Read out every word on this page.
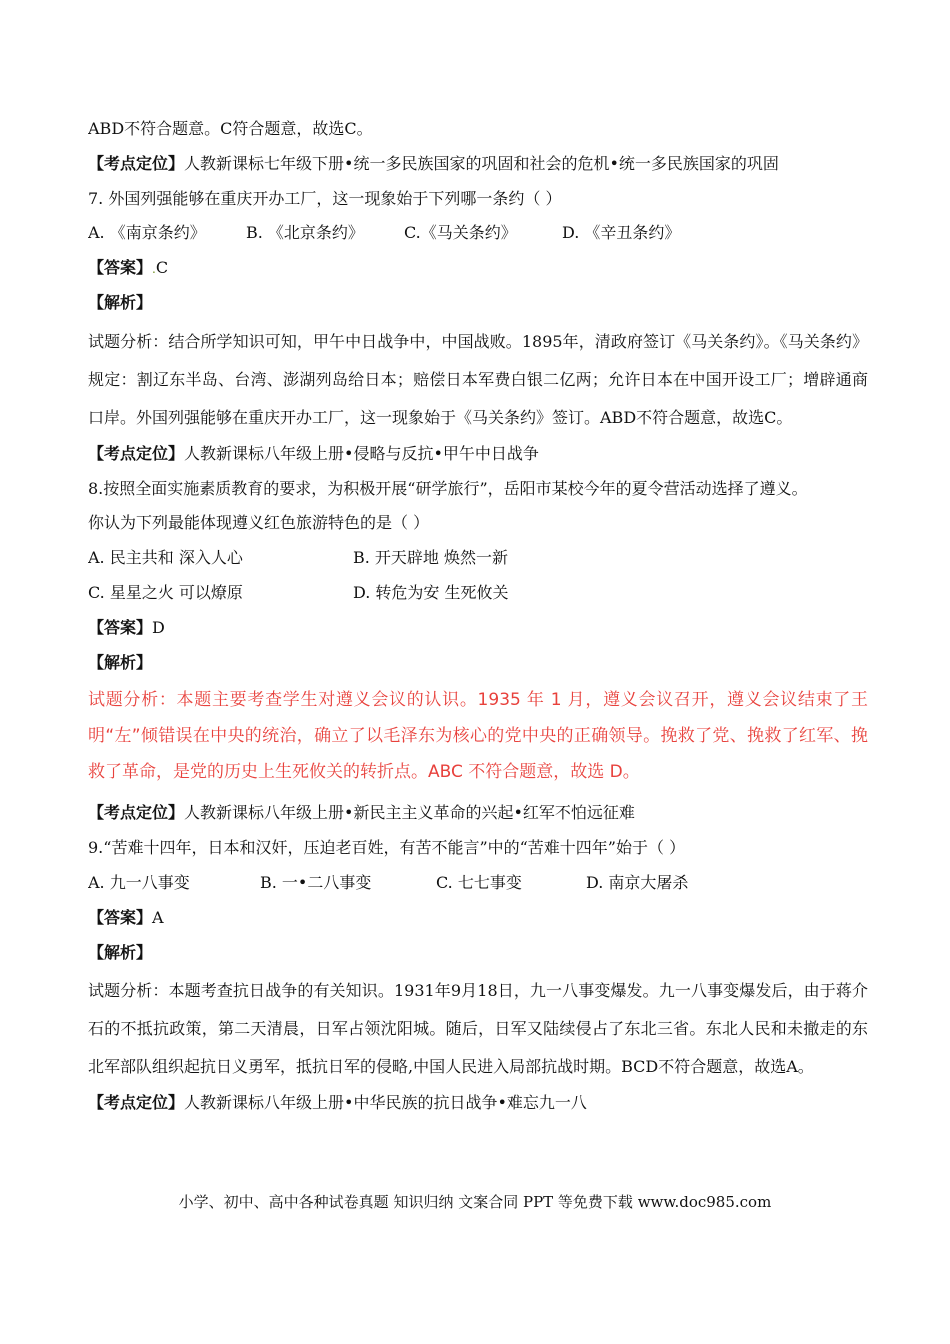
ABD不符合题意。C符合题意，故选C。
【考点定位】人教新课标七年级下册•统一多民族国家的巩固和社会的危机•统一多民族国家的巩固
7. 外国列强能够在重庆开办工厂，这一现象始于下列哪一条约（ ）
A. 《南京条约》	B. 《北京条约》	C.《马关条约》	D. 《辛丑条约》
【答案】.C
【解析】
试题分析：结合所学知识可知，甲午中日战争中，中国战败。1895年，清政府签订《马关条约》。《马关条约》规定：割辽东半岛、台湾、澎湖列岛给日本；赔偿日本军费白银二亿两；允许日本在中国开设工厂；增辟通商口岸。外国列强能够在重庆开办工厂，这一现象始于《马关条约》签订。ABD不符合题意，故选C。
【考点定位】人教新课标八年级上册•侵略与反抗•甲午中日战争
8.按照全面实施素质教育的要求，为积极开展“研学旅行”，岳阳市某校今年的夏令营活动选择了遵义。
你认为下列最能体现遵义红色旅游特色的是（ ）
A. 民主共和 深入人心	B. 开天辟地 焕然一新
C. 星星之火 可以燎原	D. 转危为安 生死攸关
【答案】D
【解析】
试题分析：本题主要考查学生对遵义会议的认识。1935 年 1 月，遵义会议召开，遵义会议结束了王明“左”倾错误在中央的统治，确立了以毛泽东为核心的党中央的正确领导。挽救了党、挽救了红军、挽救了革命，是党的历史上生死攸关的转折点。ABC 不符合题意，故选 D。
【考点定位】人教新课标八年级上册•新民主主义革命的兴起•红军不怕远征难
9.“苦难十四年，日本和汉奸，压迫老百姓，有苦不能言”中的“苦难十四年”始于（ ）
A. 九一八事变	B. 一•二八事变	C. 七七事变	D. 南京大屠杀
【答案】A
【解析】
试题分析：本题考查抗日战争的有关知识。1931年9月18日，九一八事变爆发。九一八事变爆发后，由于蒋介石的不抵抗政策，第二天清晨，日军占领沈阳城。随后，日军又陆续侵占了东北三省。东北人民和未撤走的东北军部队组织起抗日义勇军，抵抗日军的侵略,中国人民进入局部抗战时期。BCD不符合题意，故选A。
【考点定位】人教新课标八年级上册•中华民族的抗日战争•难忘九一八
小学、初中、高中各种试卷真题 知识归纳 文案合同 PPT 等免费下载 www.doc985.com
